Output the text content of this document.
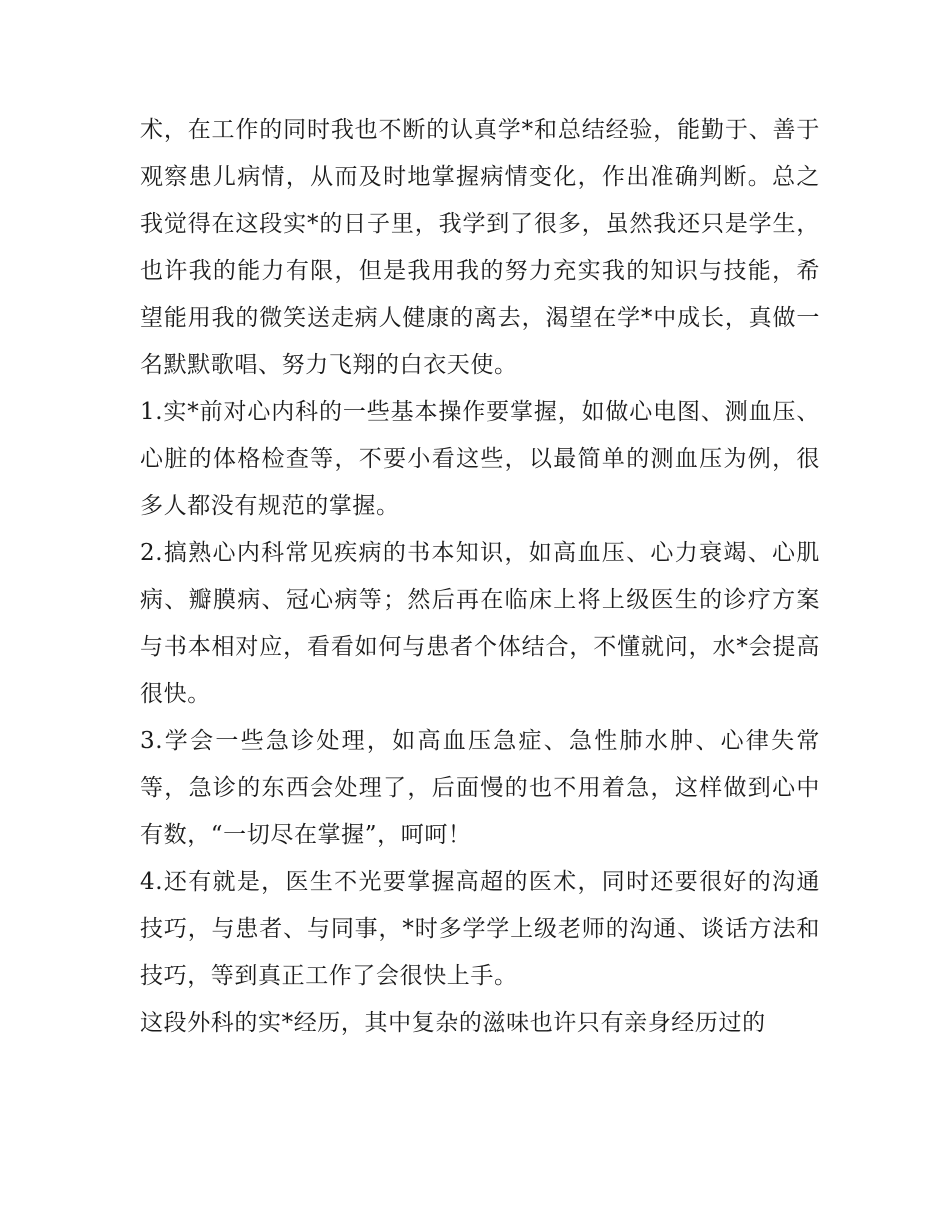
术，在工作的同时我也不断的认真学*和总结经验，能勤于、善于观察患儿病情，从而及时地掌握病情变化，作出准确判断。总之我觉得在这段实*的日子里，我学到了很多，虽然我还只是学生，也许我的能力有限，但是我用我的努力充实我的知识与技能，希望能用我的微笑送走病人健康的离去，渴望在学*中成长，真做一名默默歌唱、努力飞翔的白衣天使。

1.实*前对心内科的一些基本操作要掌握，如做心电图、测血压、心脏的体格检查等，不要小看这些，以最简单的测血压为例，很多人都没有规范的掌握。

2.搞熟心内科常见疾病的书本知识，如高血压、心力衰竭、心肌病、瓣膜病、冠心病等；然后再在临床上将上级医生的诊疗方案与书本相对应，看看如何与患者个体结合，不懂就问，水*会提高很快。

3.学会一些急诊处理，如高血压急症、急性肺水肿、心律失常等，急诊的东西会处理了，后面慢的也不用着急，这样做到心中有数，“一切尽在掌握”，呵呵！

4.还有就是，医生不光要掌握高超的医术，同时还要很好的沟通技巧，与患者、与同事，*时多学学上级老师的沟通、谈话方法和技巧，等到真正工作了会很快上手。

这段外科的实*经历，其中复杂的滋味也许只有亲身经历过的
